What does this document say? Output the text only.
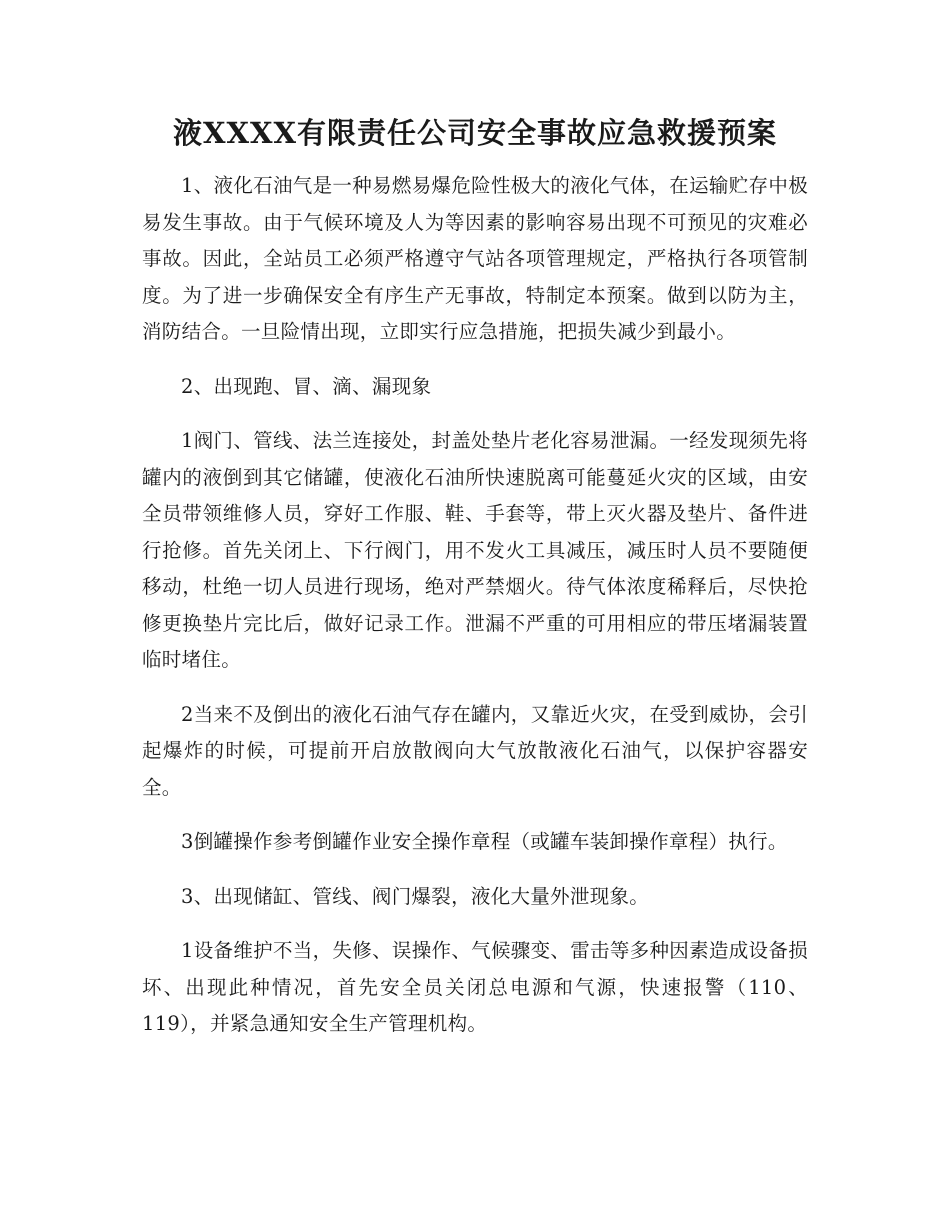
液XXXX有限责任公司安全事故应急救援预案

1、液化石油气是一种易燃易爆危险性极大的液化气体，在运输贮存中极易发生事故。由于气候环境及人为等因素的影响容易出现不可预见的灾难必事故。因此，全站员工必须严格遵守气站各项管理规定，严格执行各项管制度。为了进一步确保安全有序生产无事故，特制定本预案。做到以防为主，消防结合。一旦险情出现，立即实行应急措施，把损失减少到最小。

2、出现跑、冒、滴、漏现象

1阀门、管线、法兰连接处，封盖处垫片老化容易泄漏。一经发现须先将罐内的液倒到其它储罐，使液化石油所快速脱离可能蔓延火灾的区域，由安全员带领维修人员，穿好工作服、鞋、手套等，带上灭火器及垫片、备件进行抢修。首先关闭上、下行阀门，用不发火工具减压，减压时人员不要随便移动，杜绝一切人员进行现场，绝对严禁烟火。待气体浓度稀释后，尽快抢修更换垫片完比后，做好记录工作。泄漏不严重的可用相应的带压堵漏装置临时堵住。

2当来不及倒出的液化石油气存在罐内，又靠近火灾，在受到威协，会引起爆炸的时候，可提前开启放散阀向大气放散液化石油气，以保护容器安全。

3倒罐操作参考倒罐作业安全操作章程（或罐车装卸操作章程）执行。

3、出现储缸、管线、阀门爆裂，液化大量外泄现象。

1设备维护不当，失修、误操作、气候骤变、雷击等多种因素造成设备损坏、出现此种情况，首先安全员关闭总电源和气源，快速报警（110、119），并紧急通知安全生产管理机构。
